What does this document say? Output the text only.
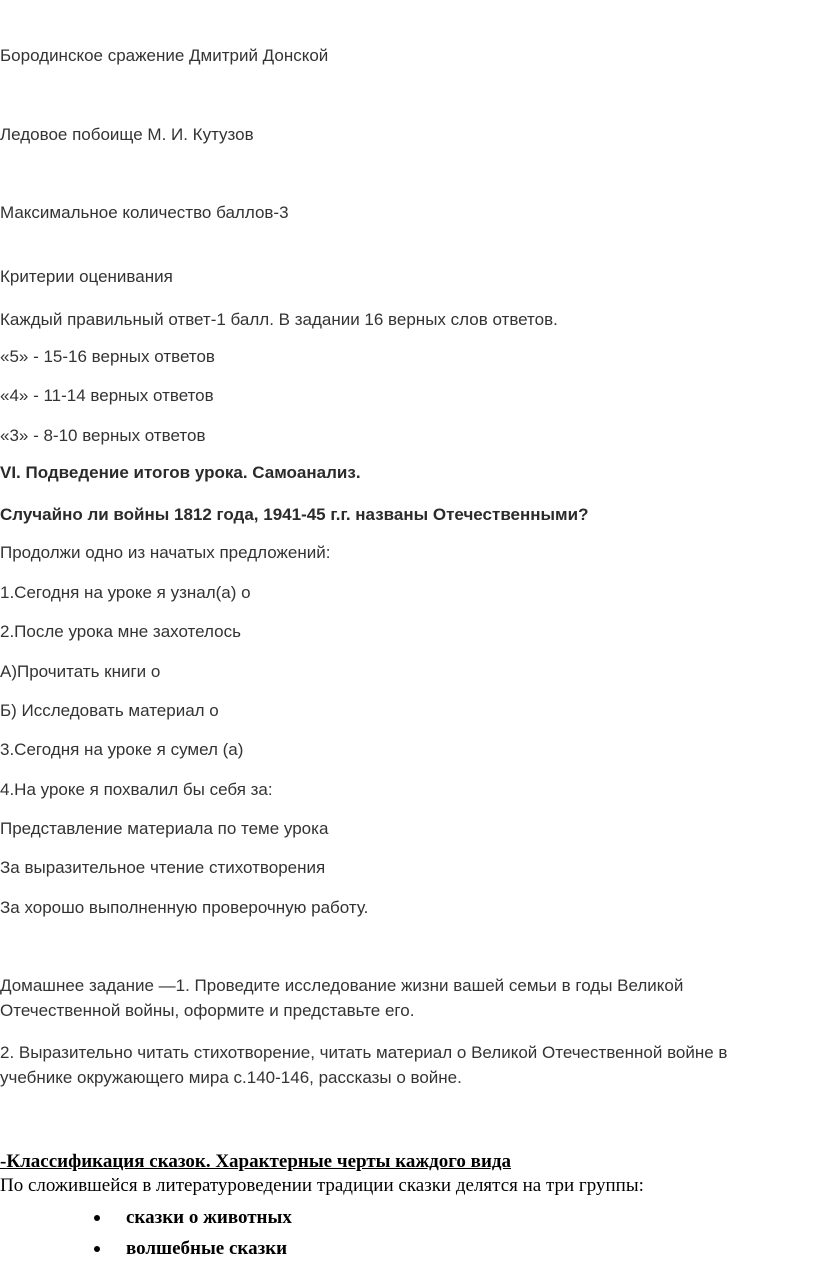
Бородинское сражение Дмитрий Донской

Ледовое побоище М. И. Кутузов

Максимальное количество баллов-3

Критерии оценивания

Каждый правильный ответ-1 балл. В задании 16 верных слов ответов.

«5» - 15-16 верных ответов

«4» - 11-14 верных ответов

«3» - 8-10 верных ответов

VI. Подведение итогов урока. Самоанализ.

Случайно ли войны 1812 года, 1941-45 г.г. названы Отечественными?

Продолжи одно из начатых предложений:

1.Сегодня на уроке я узнал(а) о

2.После урока мне захотелось

А)Прочитать книги о

Б) Исследовать материал о

3.Сегодня на уроке я сумел (а)

4.На уроке я похвалил бы себя за:

Представление материала по теме урока

За выразительное чтение стихотворения

За хорошо выполненную проверочную работу.

Домашнее задание —1. Проведите исследование жизни вашей семьи в годы Великой Отечественной войны, оформите и представьте его.

2. Выразительно читать стихотворение, читать материал о Великой Отечественной войне в учебнике окружающего мира с.140-146, рассказы о войне.

-Классификация сказок. Характерные черты каждого вида

По сложившейся в литературоведении традиции сказки делятся на три группы:

сказки о животных
волшебные сказки
